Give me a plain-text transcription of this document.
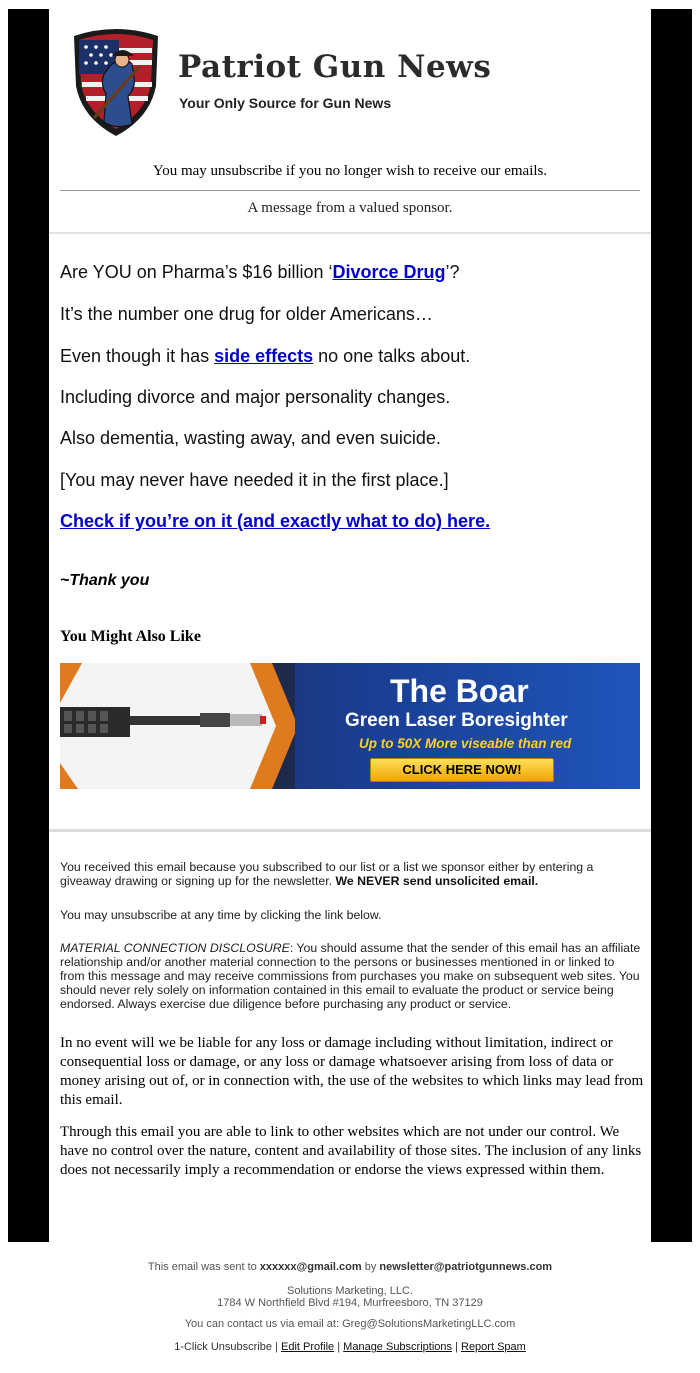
Patriot Gun News
Your Only Source for Gun News
You may unsubscribe if you no longer wish to receive our emails.
A message from a valued sponsor.

Are YOU on Pharma’s $16 billion ‘Divorce Drug’?

It’s the number one drug for older Americans…

Even though it has side effects no one talks about.

Including divorce and major personality changes.

Also dementia, wasting away, and even suicide.

[You may never have needed it in the first place.]

Check if you’re on it (and exactly what to do) here.

~Thank you
You Might Also Like
The Boar
Green Laser Boresighter
Up to 50X More viseable than red
CLICK HERE NOW!

You received this email because you subscribed to our list or a list we sponsor either by entering a giveaway drawing or signing up for the newsletter. We NEVER send unsolicited email.

You may unsubscribe at any time by clicking the link below.

MATERIAL CONNECTION DISCLOSURE: You should assume that the sender of this email has an affiliate relationship and/or another material connection to the persons or businesses mentioned in or linked to from this message and may receive commissions from purchases you make on subsequent web sites. You should never rely solely on information contained in this email to evaluate the product or service being endorsed. Always exercise due diligence before purchasing any product or service.

In no event will we be liable for any loss or damage including without limitation, indirect or consequential loss or damage, or any loss or damage whatsoever arising from loss of data or money arising out of, or in connection with, the use of the websites to which links may lead from this email.

Through this email you are able to link to other websites which are not under our control. We have no control over the nature, content and availability of those sites. The inclusion of any links does not necessarily imply a recommendation or endorse the views expressed within them.

This email was sent to xxxxxx@gmail.com by newsletter@patriotgunnews.com
Solutions Marketing, LLC.
1784 W Northfield Blvd #194, Murfreesboro, TN 37129
You can contact us via email at: Greg@SolutionsMarketingLLC.com
1-Click Unsubscribe | Edit Profile | Manage Subscriptions | Report Spam
